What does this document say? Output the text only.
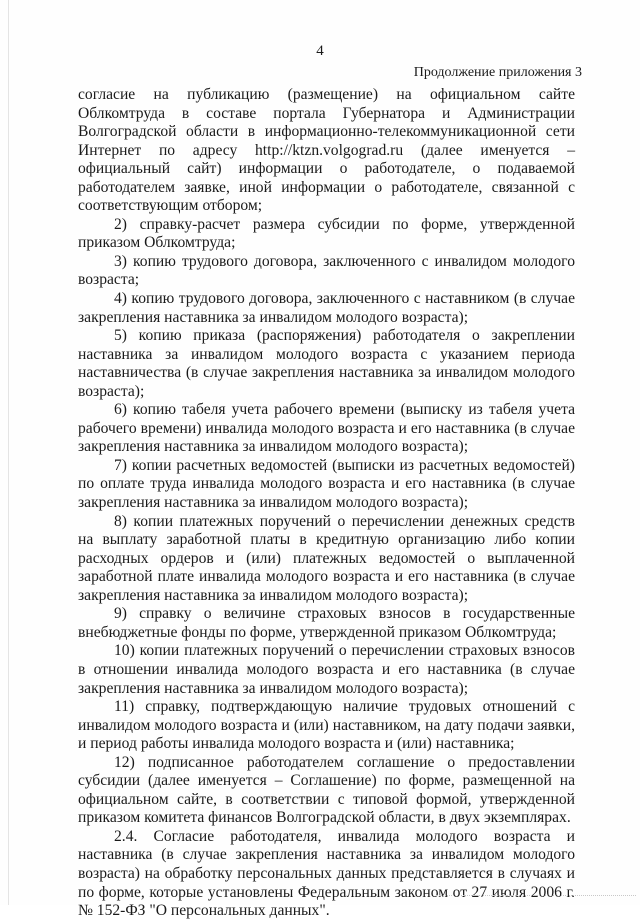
4
Продолжение приложения 3

согласие на публикацию (размещение) на официальном сайте Облкомтруда в составе портала Губернатора и Администрации Волгоградской области в информационно-телекоммуникационной сети Интернет по адресу http://ktzn.volgograd.ru (далее именуется – официальный сайт) информации о работодателе, о подаваемой работодателем заявке, иной информации о работодателе, связанной с соответствующим отбором;

2) справку-расчет размера субсидии по форме, утвержденной приказом Облкомтруда;

3) копию трудового договора, заключенного с инвалидом молодого возраста;

4) копию трудового договора, заключенного с наставником (в случае закрепления наставника за инвалидом молодого возраста);

5) копию приказа (распоряжения) работодателя о закреплении наставника за инвалидом молодого возраста с указанием периода наставничества (в случае закрепления наставника за инвалидом молодого возраста);

6) копию табеля учета рабочего времени (выписку из табеля учета рабочего времени) инвалида молодого возраста и его наставника (в случае закрепления наставника за инвалидом молодого возраста);

7) копии расчетных ведомостей (выписки из расчетных ведомостей) по оплате труда инвалида молодого возраста и его наставника (в случае закрепления наставника за инвалидом молодого возраста);

8) копии платежных поручений о перечислении денежных средств на выплату заработной платы в кредитную организацию либо копии расходных ордеров и (или) платежных ведомостей о выплаченной заработной плате инвалида молодого возраста и его наставника (в случае закрепления наставника за инвалидом молодого возраста);

9) справку о величине страховых взносов в государственные внебюджетные фонды по форме, утвержденной приказом Облкомтруда;

10) копии платежных поручений о перечислении страховых взносов в отношении инвалида молодого возраста и его наставника (в случае закрепления наставника за инвалидом молодого возраста);

11) справку, подтверждающую наличие трудовых отношений с инвалидом молодого возраста и (или) наставником, на дату подачи заявки, и период работы инвалида молодого возраста и (или) наставника;

12) подписанное работодателем соглашение о предоставлении субсидии (далее именуется – Соглашение) по форме, размещенной на официальном сайте, в соответствии с типовой формой, утвержденной приказом комитета финансов Волгоградской области, в двух экземплярах.

2.4. Согласие работодателя, инвалида молодого возраста и наставника (в случае закрепления наставника за инвалидом молодого возраста) на обработку персональных данных представляется в случаях и по форме, которые установлены Федеральным законом от 27 июля 2006 г. № 152-ФЗ "О персональных данных".
